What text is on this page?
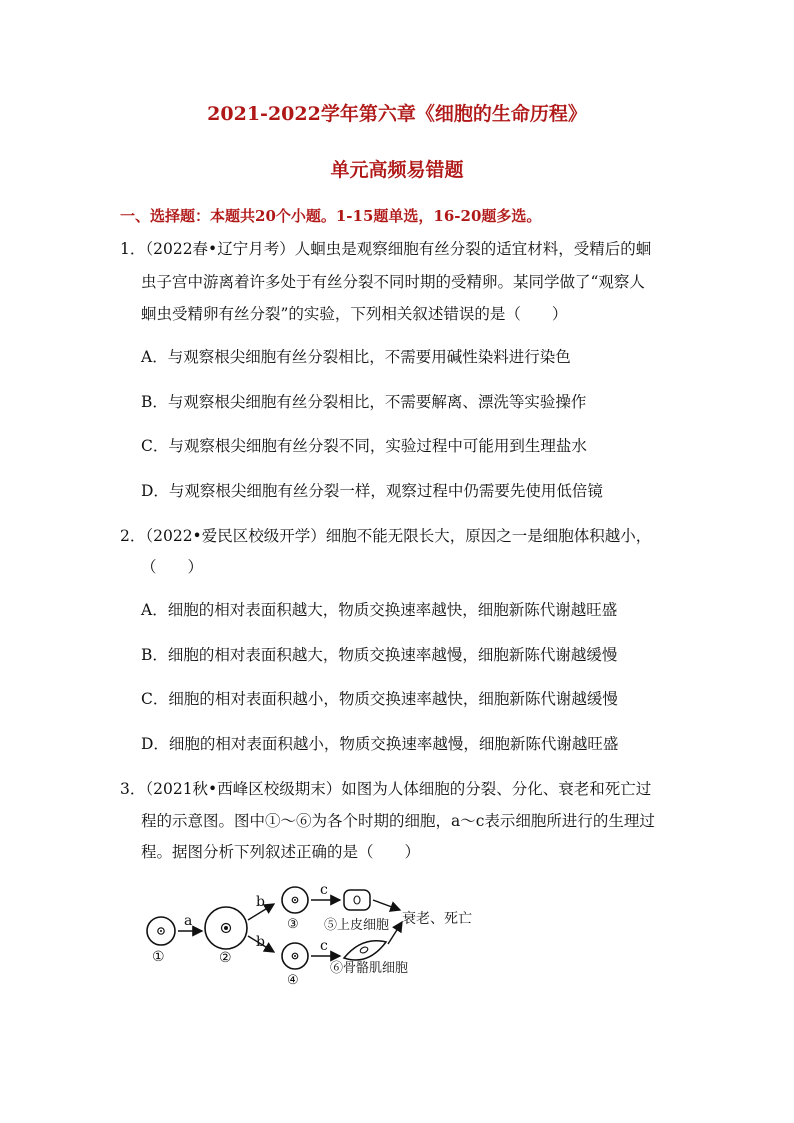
2021-2022学年第六章《细胞的生命历程》
单元高频易错题
一、选择题：本题共20个小题。1-15题单选，16-20题多选。
1．（2022春•辽宁月考）人蛔虫是观察细胞有丝分裂的适宜材料，受精后的蛔
虫子宫中游离着许多处于有丝分裂不同时期的受精卵。某同学做了“观察人
蛔虫受精卵有丝分裂”的实验，下列相关叙述错误的是（　　）
A．与观察根尖细胞有丝分裂相比，不需要用碱性染料进行染色
B．与观察根尖细胞有丝分裂相比，不需要解离、漂洗等实验操作
C．与观察根尖细胞有丝分裂不同，实验过程中可能用到生理盐水
D．与观察根尖细胞有丝分裂一样，观察过程中仍需要先使用低倍镜
2．（2022•爱民区校级开学）细胞不能无限长大，原因之一是细胞体积越小，
（　　）
A．细胞的相对表面积越大，物质交换速率越快，细胞新陈代谢越旺盛
B．细胞的相对表面积越大，物质交换速率越慢，细胞新陈代谢越缓慢
C．细胞的相对表面积越小，物质交换速率越快，细胞新陈代谢越缓慢
D．细胞的相对表面积越小，物质交换速率越慢，细胞新陈代谢越旺盛
3．（2021秋•西峰区校级期末）如图为人体细胞的分裂、分化、衰老和死亡过
程的示意图。图中①～⑥为各个时期的细胞，a～c表示细胞所进行的生理过
程。据图分析下列叙述正确的是（　　）
①
a
②
b
b
③
④
c
c
⑤上皮细胞
⑥骨骼肌细胞
衰老、死亡
